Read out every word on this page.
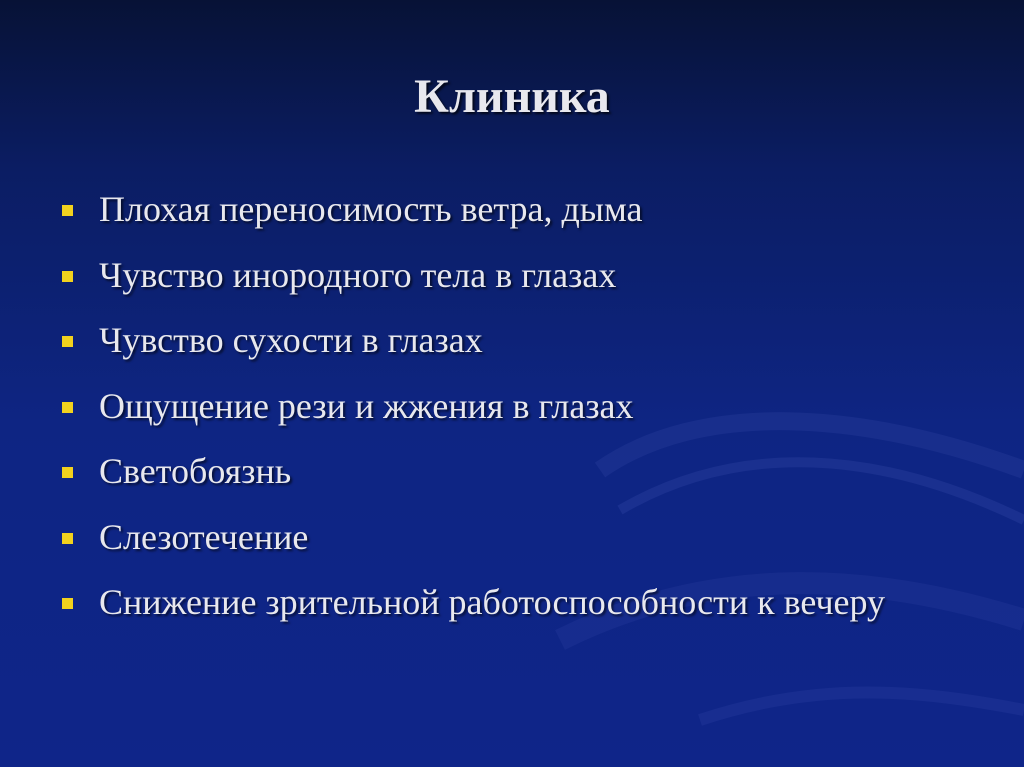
Клиника
Плохая переносимость ветра, дыма
Чувство инородного тела в глазах
Чувство сухости в глазах
Ощущение рези и жжения в глазах
Светобоязнь
Слезотечение
Снижение зрительной работоспособности к вечеру
